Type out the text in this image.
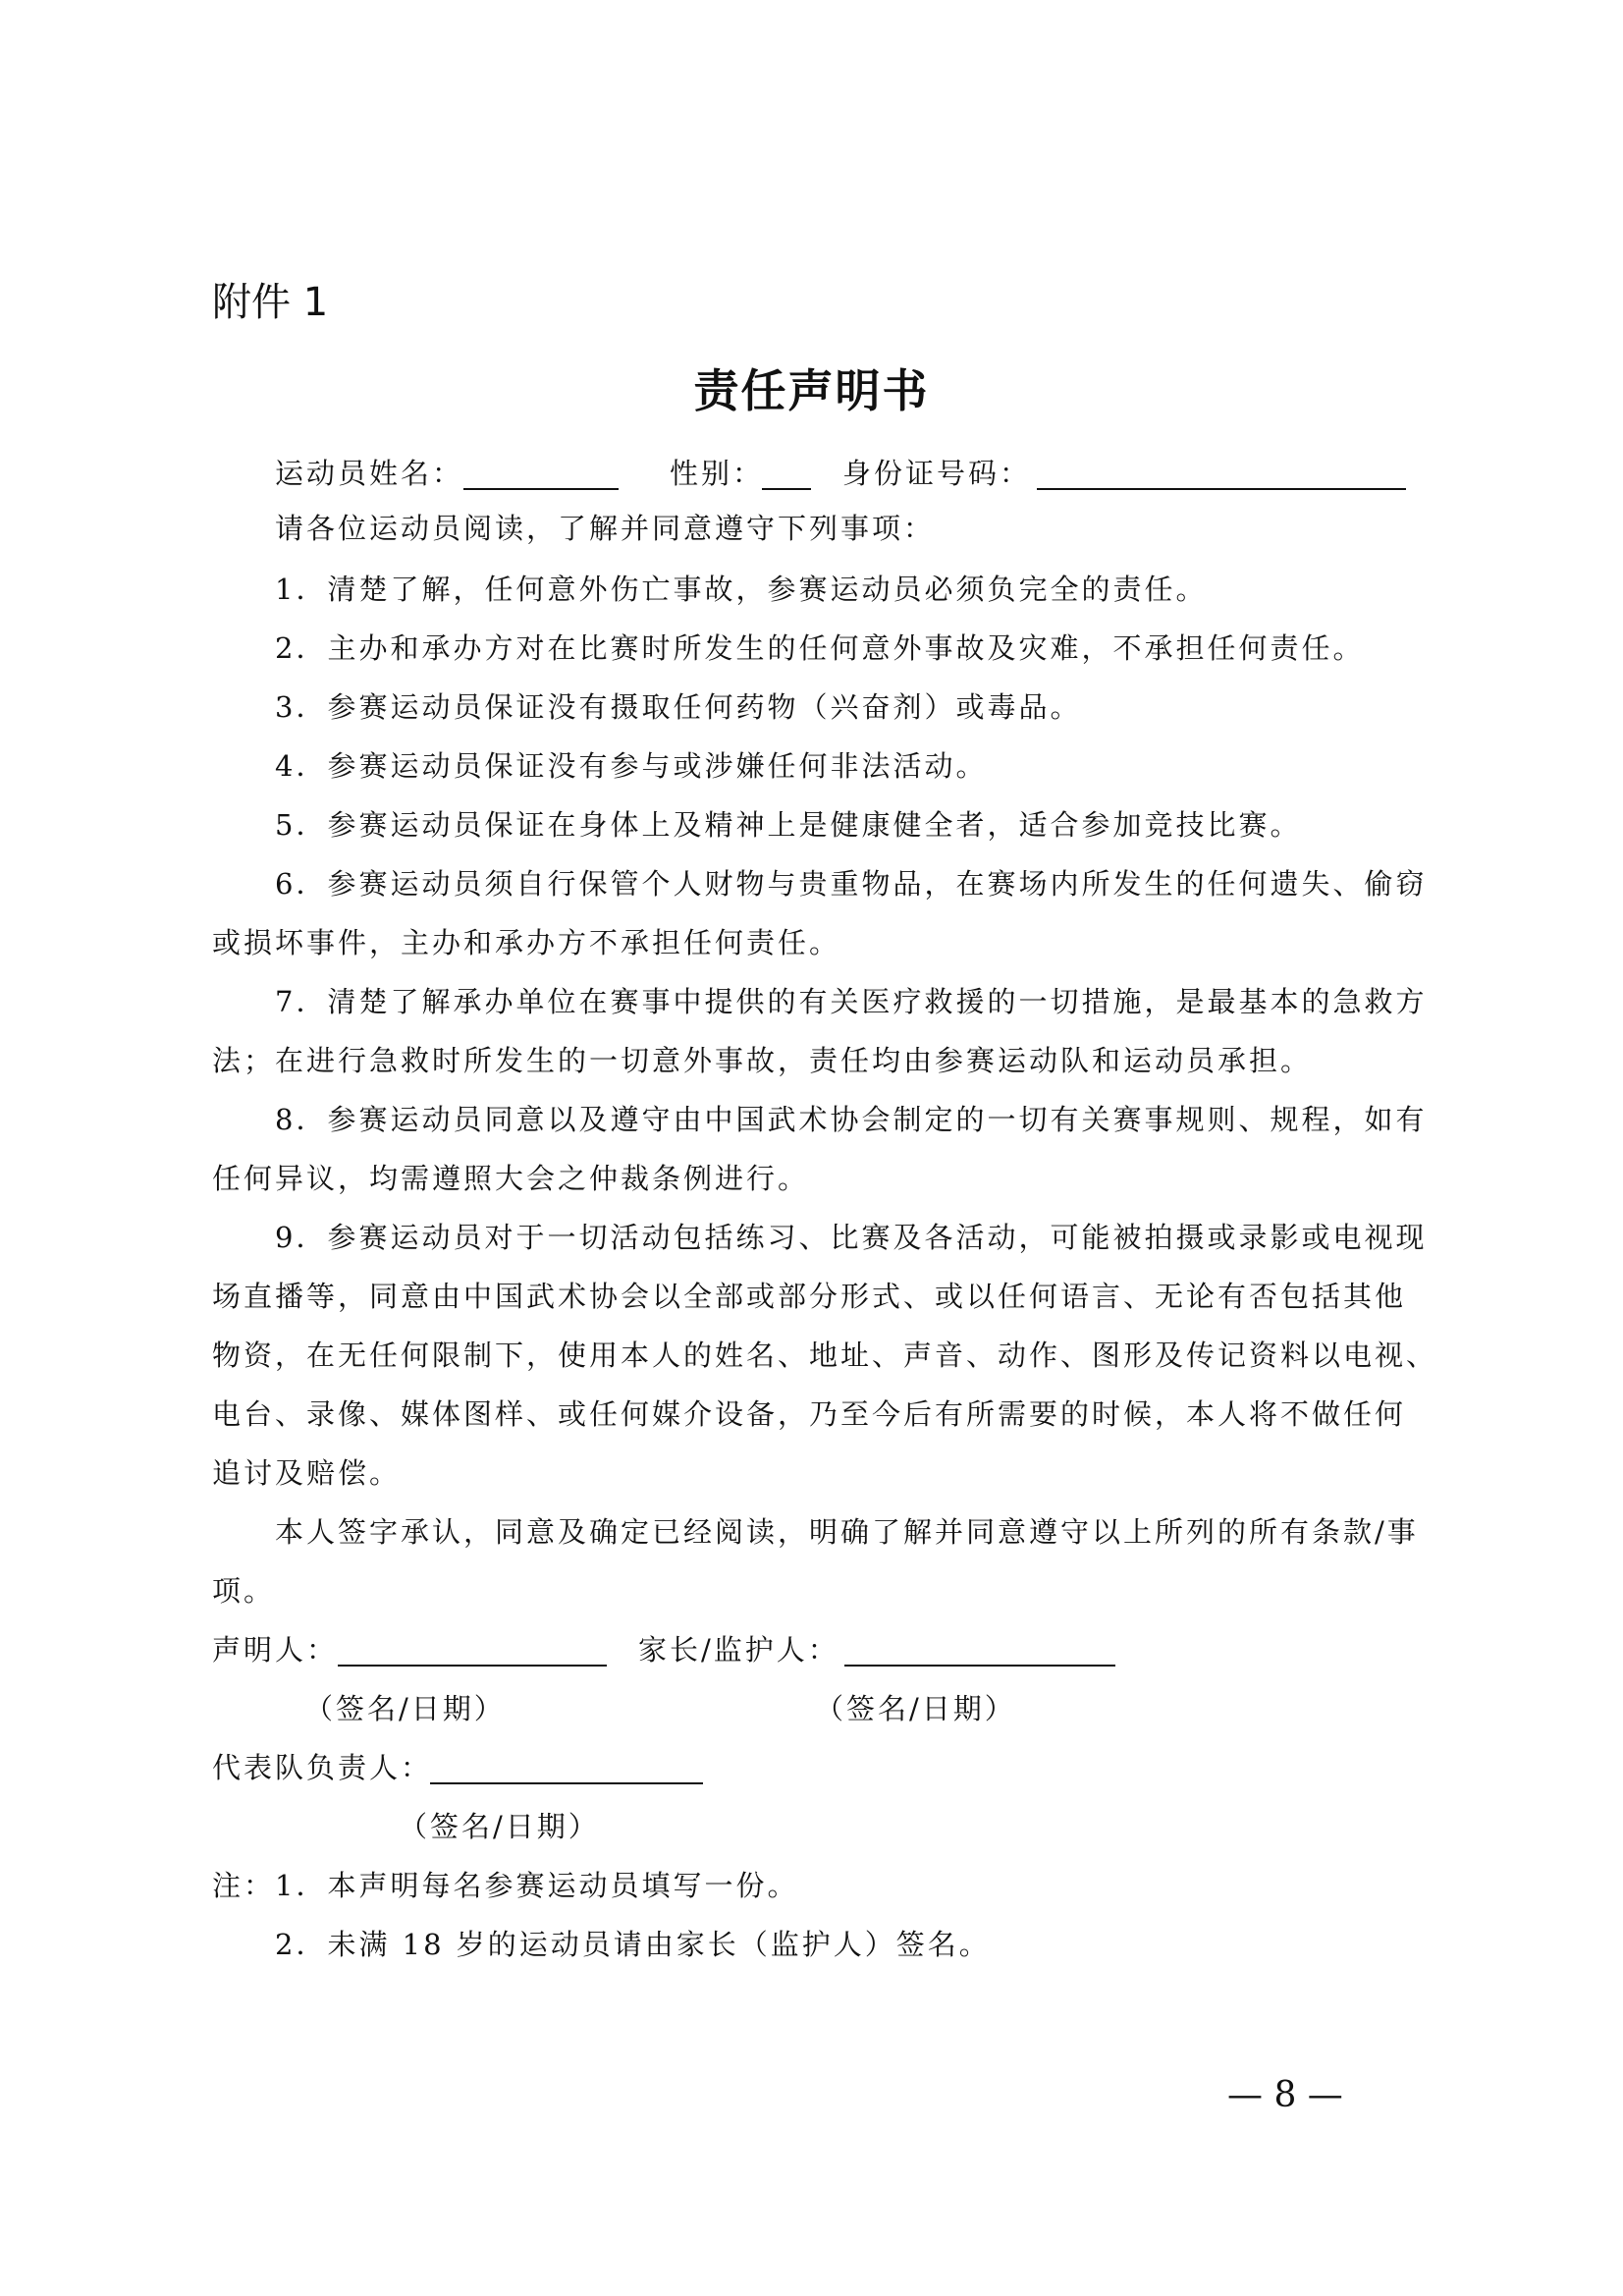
附件 1
责任声明书
运动员姓名：	性别：	身份证号码：
请各位运动员阅读，了解并同意遵守下列事项：
1．清楚了解，任何意外伤亡事故，参赛运动员必须负完全的责任。
2．主办和承办方对在比赛时所发生的任何意外事故及灾难，不承担任何责任。
3．参赛运动员保证没有摄取任何药物（兴奋剂）或毒品。
4．参赛运动员保证没有参与或涉嫌任何非法活动。
5．参赛运动员保证在身体上及精神上是健康健全者，适合参加竞技比赛。
6．参赛运动员须自行保管个人财物与贵重物品，在赛场内所发生的任何遗失、偷窃
或损坏事件，主办和承办方不承担任何责任。
7．清楚了解承办单位在赛事中提供的有关医疗救援的一切措施，是最基本的急救方
法；在进行急救时所发生的一切意外事故，责任均由参赛运动队和运动员承担。
8．参赛运动员同意以及遵守由中国武术协会制定的一切有关赛事规则、规程，如有
任何异议，均需遵照大会之仲裁条例进行。
9．参赛运动员对于一切活动包括练习、比赛及各活动，可能被拍摄或录影或电视现
场直播等，同意由中国武术协会以全部或部分形式、或以任何语言、无论有否包括其他
物资，在无任何限制下，使用本人的姓名、地址、声音、动作、图形及传记资料以电视、
电台、录像、媒体图样、或任何媒介设备，乃至今后有所需要的时候，本人将不做任何
追讨及赔偿。
本人签字承认，同意及确定已经阅读，明确了解并同意遵守以上所列的所有条款/事
项。
声明人：	家长/监护人：
（签名/日期）	（签名/日期）
代表队负责人：
（签名/日期）
注：1．本声明每名参赛运动员填写一份。
2．未满 18 岁的运动员请由家长（监护人）签名。
— 8 —
